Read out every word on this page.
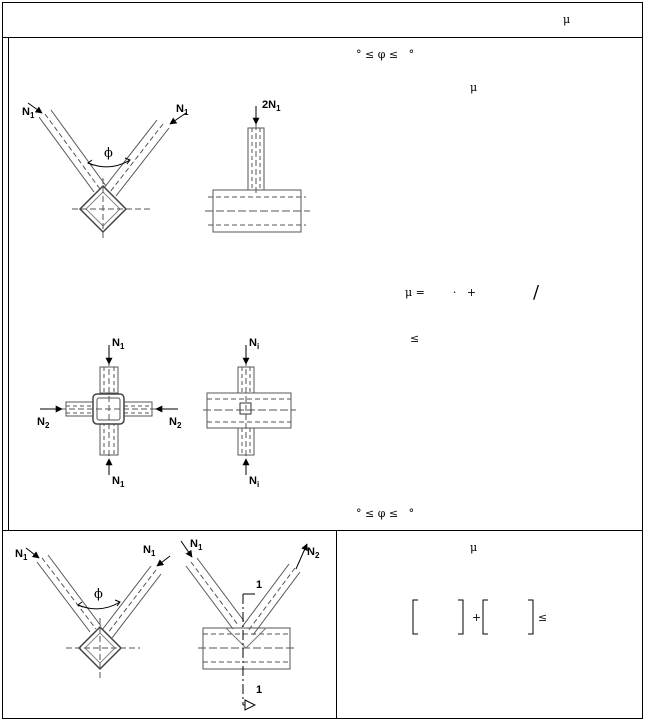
μ
° ≤ φ ≤   °
μ
μ =        ·   +	/
≤
° ≤ φ ≤   °
μ
+	≤
$N_1$
$N_1$
$2N_1$
ϕ
$N_1$
$N_1$
$N_2$	$N_2$
$N_i$
$N_i$
$N_1$
$N_1$
ϕ
$N_1$	$N_2$
1
1
